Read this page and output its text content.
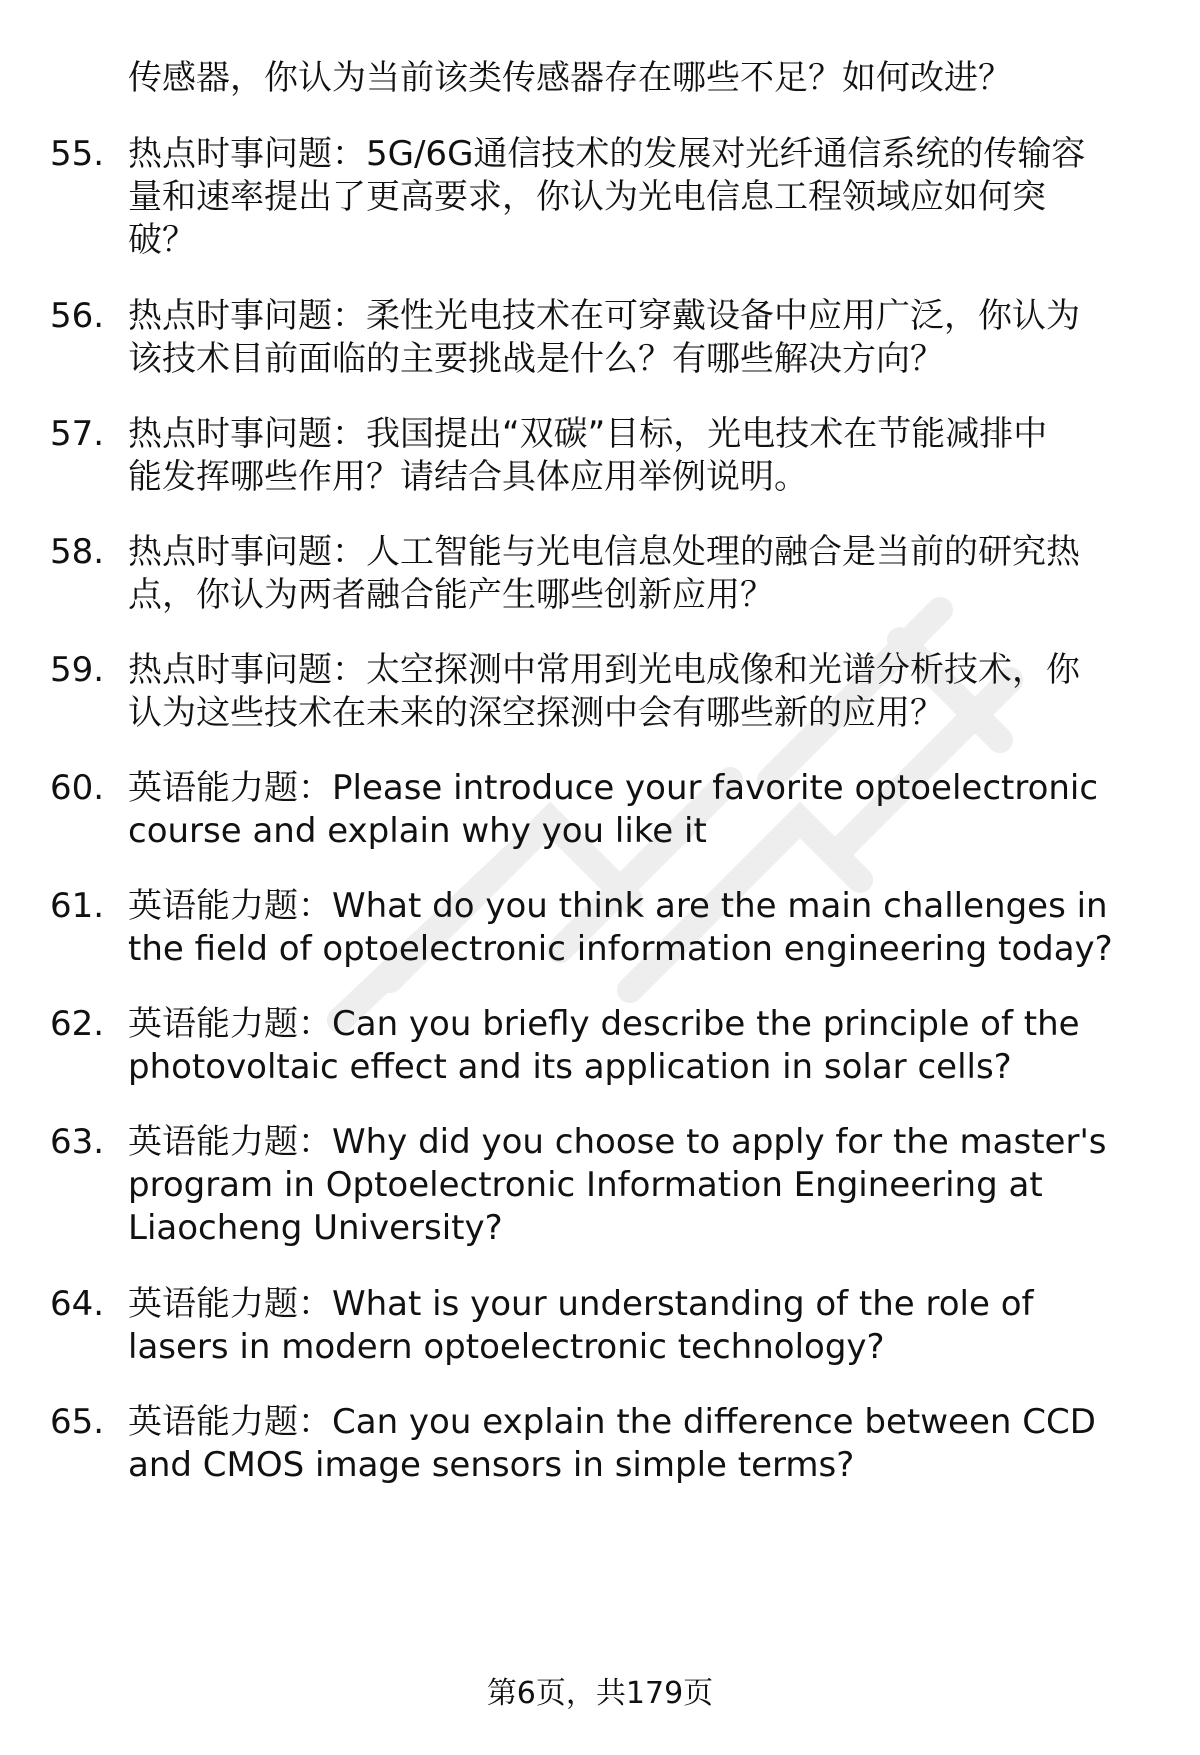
传感器，你认为当前该类传感器存在哪些不足？如何改进？
55. 热点时事问题：5G/6G通信技术的发展对光纤通信系统的传输容
量和速率提出了更高要求，你认为光电信息工程领域应如何突
破？
56. 热点时事问题：柔性光电技术在可穿戴设备中应用广泛，你认为
该技术目前面临的主要挑战是什么？有哪些解决方向？
57. 热点时事问题：我国提出“双碳”目标，光电技术在节能减排中
能发挥哪些作用？请结合具体应用举例说明。
58. 热点时事问题：人工智能与光电信息处理的融合是当前的研究热
点，你认为两者融合能产生哪些创新应用？
59. 热点时事问题：太空探测中常用到光电成像和光谱分析技术，你
认为这些技术在未来的深空探测中会有哪些新的应用？
60. 英语能力题：Please introduce your favorite optoelectronic
course and explain why you like it
61. 英语能力题：What do you think are the main challenges in
the field of optoelectronic information engineering today?
62. 英语能力题：Can you briefly describe the principle of the
photovoltaic effect and its application in solar cells?
63. 英语能力题：Why did you choose to apply for the master's
program in Optoelectronic Information Engineering at
Liaocheng University?
64. 英语能力题：What is your understanding of the role of
lasers in modern optoelectronic technology?
65. 英语能力题：Can you explain the difference between CCD
and CMOS image sensors in simple terms?
第6页，共179页
